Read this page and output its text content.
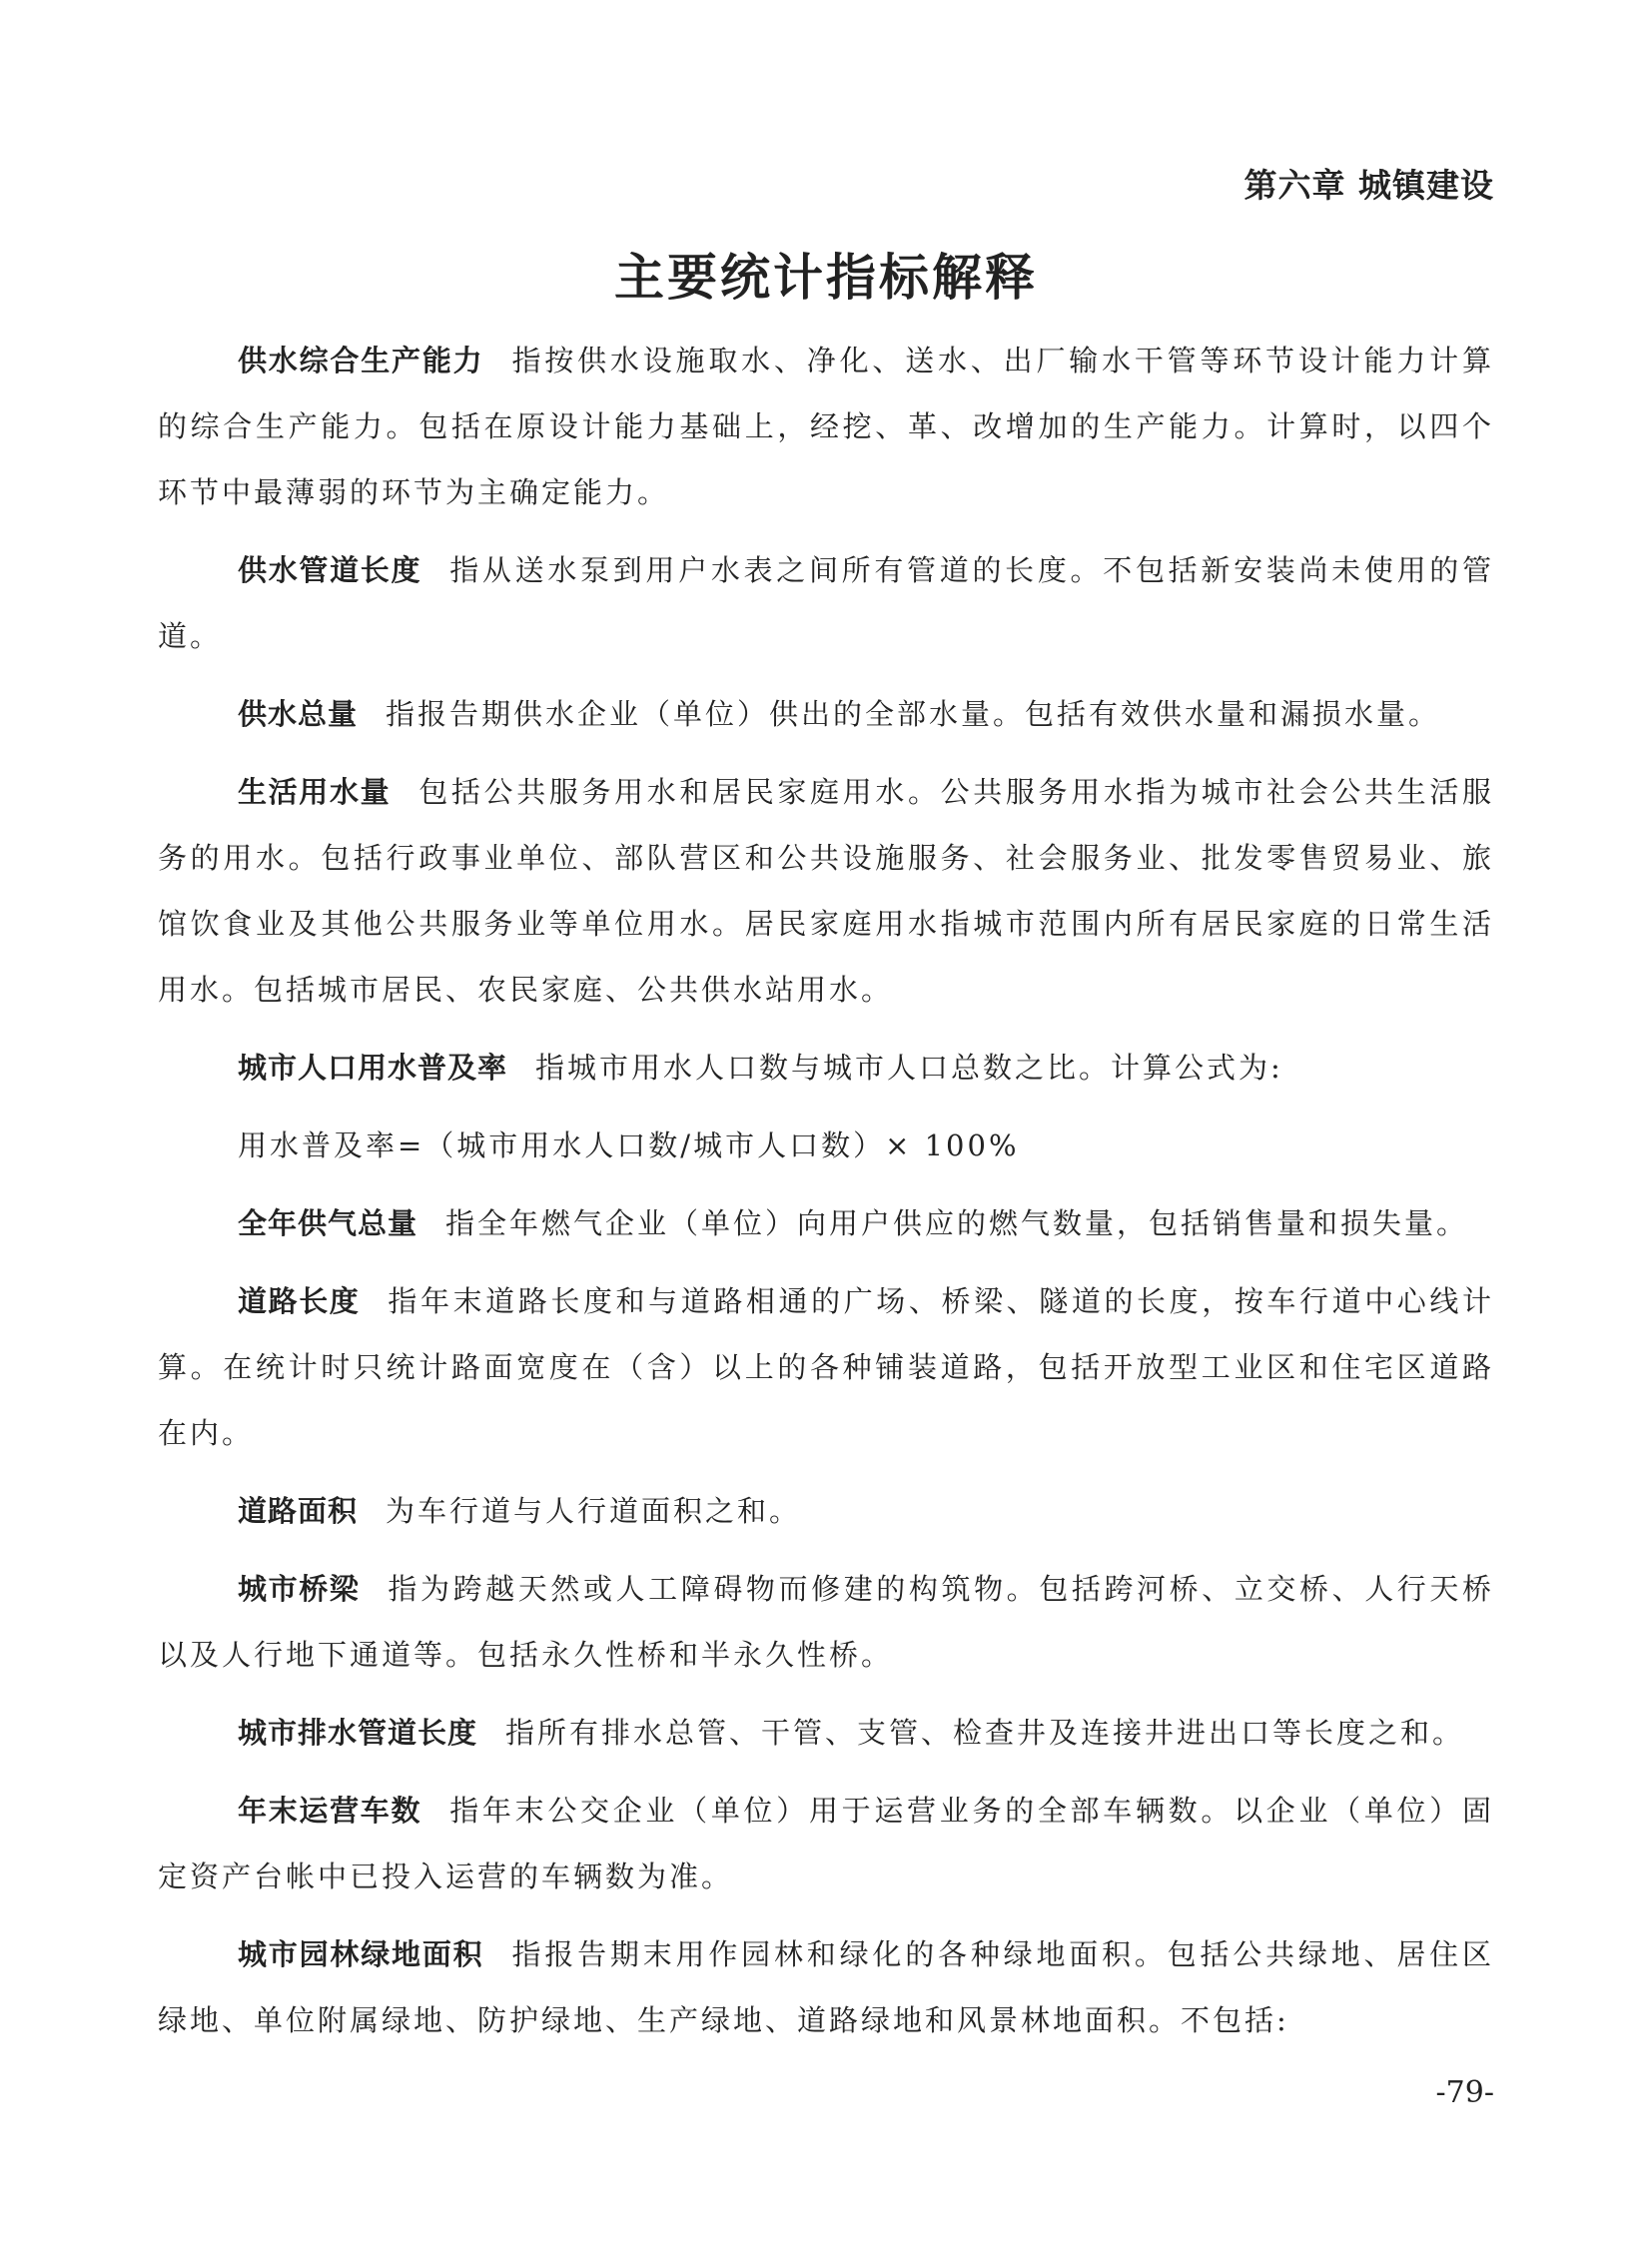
第六章 城镇建设
主要统计指标解释

供水综合生产能力 指按供水设施取水、净化、送水、出厂输水干管等环节设计能力计算的综合生产能力。包括在原设计能力基础上，经挖、革、改增加的生产能力。计算时，以四个环节中最薄弱的环节为主确定能力。

供水管道长度 指从送水泵到用户水表之间所有管道的长度。不包括新安装尚未使用的管道。

供水总量 指报告期供水企业（单位）供出的全部水量。包括有效供水量和漏损水量。

生活用水量 包括公共服务用水和居民家庭用水。公共服务用水指为城市社会公共生活服务的用水。包括行政事业单位、部队营区和公共设施服务、社会服务业、批发零售贸易业、旅馆饮食业及其他公共服务业等单位用水。居民家庭用水指城市范围内所有居民家庭的日常生活用水。包括城市居民、农民家庭、公共供水站用水。

城市人口用水普及率 指城市用水人口数与城市人口总数之比。计算公式为:

用水普及率=（城市用水人口数/城市人口数）× 100%

全年供气总量 指全年燃气企业（单位）向用户供应的燃气数量，包括销售量和损失量。

道路长度 指年末道路长度和与道路相通的广场、桥梁、隧道的长度，按车行道中心线计算。在统计时只统计路面宽度在（含）以上的各种铺装道路，包括开放型工业区和住宅区道路在内。

道路面积 为车行道与人行道面积之和。

城市桥梁 指为跨越天然或人工障碍物而修建的构筑物。包括跨河桥、立交桥、人行天桥以及人行地下通道等。包括永久性桥和半永久性桥。

城市排水管道长度 指所有排水总管、干管、支管、检查井及连接井进出口等长度之和。

年末运营车数 指年末公交企业（单位）用于运营业务的全部车辆数。以企业（单位）固定资产台帐中已投入运营的车辆数为准。

城市园林绿地面积 指报告期末用作园林和绿化的各种绿地面积。包括公共绿地、居住区绿地、单位附属绿地、防护绿地、生产绿地、道路绿地和风景林地面积。不包括:

-79-
